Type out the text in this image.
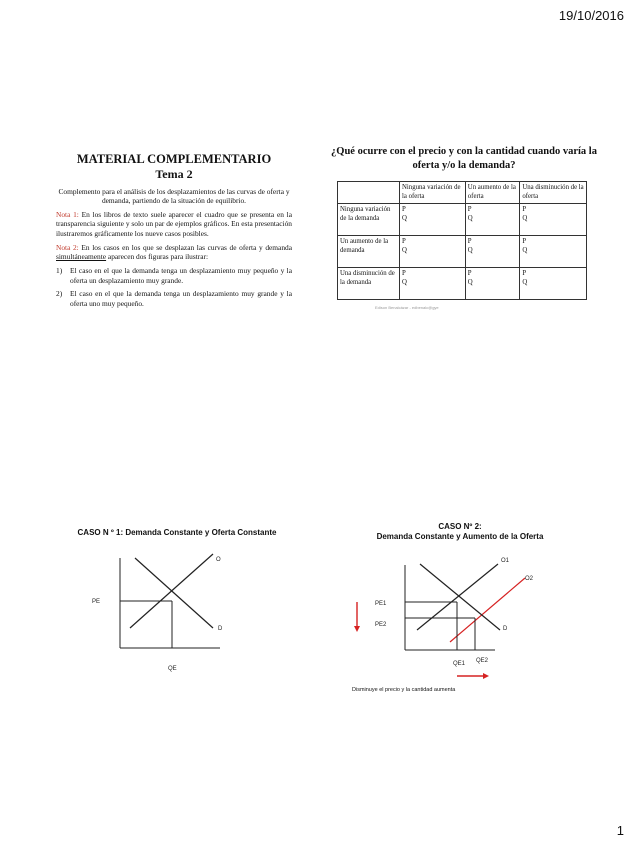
19/10/2016
MATERIAL COMPLEMENTARIO
Tema 2

Complemento para el análisis de los desplazamientos de las curvas de oferta y demanda, partiendo de la situación de equilibrio.

Nota 1: En los libros de texto suele aparecer el cuadro que se presenta en la transparencia siguiente y solo un par de ejemplos gráficos. En esta presentación ilustraremos gráficamente los nueve casos posibles.

Nota 2: En los casos en los que se desplazan las curvas de oferta y demanda simultáneamente aparecen dos figuras para ilustrar:

1)	El caso en el que la demanda tenga un desplazamiento muy pequeño y la oferta un desplazamiento muy grande.
2)	El caso en el que la demanda tenga un desplazamiento muy grande y la oferta uno muy pequeño.
¿Qué ocurre con el precio y con la cantidad cuando varía la oferta y/o la demanda?
	Ninguna variación de la oferta	Un aumento de la oferta	Una disminución de la oferta
Ninguna variación de la demanda	P
Q	P
Q	P
Q
Un aumento de la demanda	P
Q	P
Q	P
Q
Una disminución de la demanda	P
Q	P
Q	P
Q
Edison Benalcázar - edbenalc@gye
CASO N º 1: Demanda Constante y Oferta Constante
O
D
PE
QE
CASO Nº 2:
Demanda Constante y Aumento de la Oferta
O1
O2
D
PE1
PE2
QE1 QE2
Disminuye el precio y la cantidad aumenta
1
